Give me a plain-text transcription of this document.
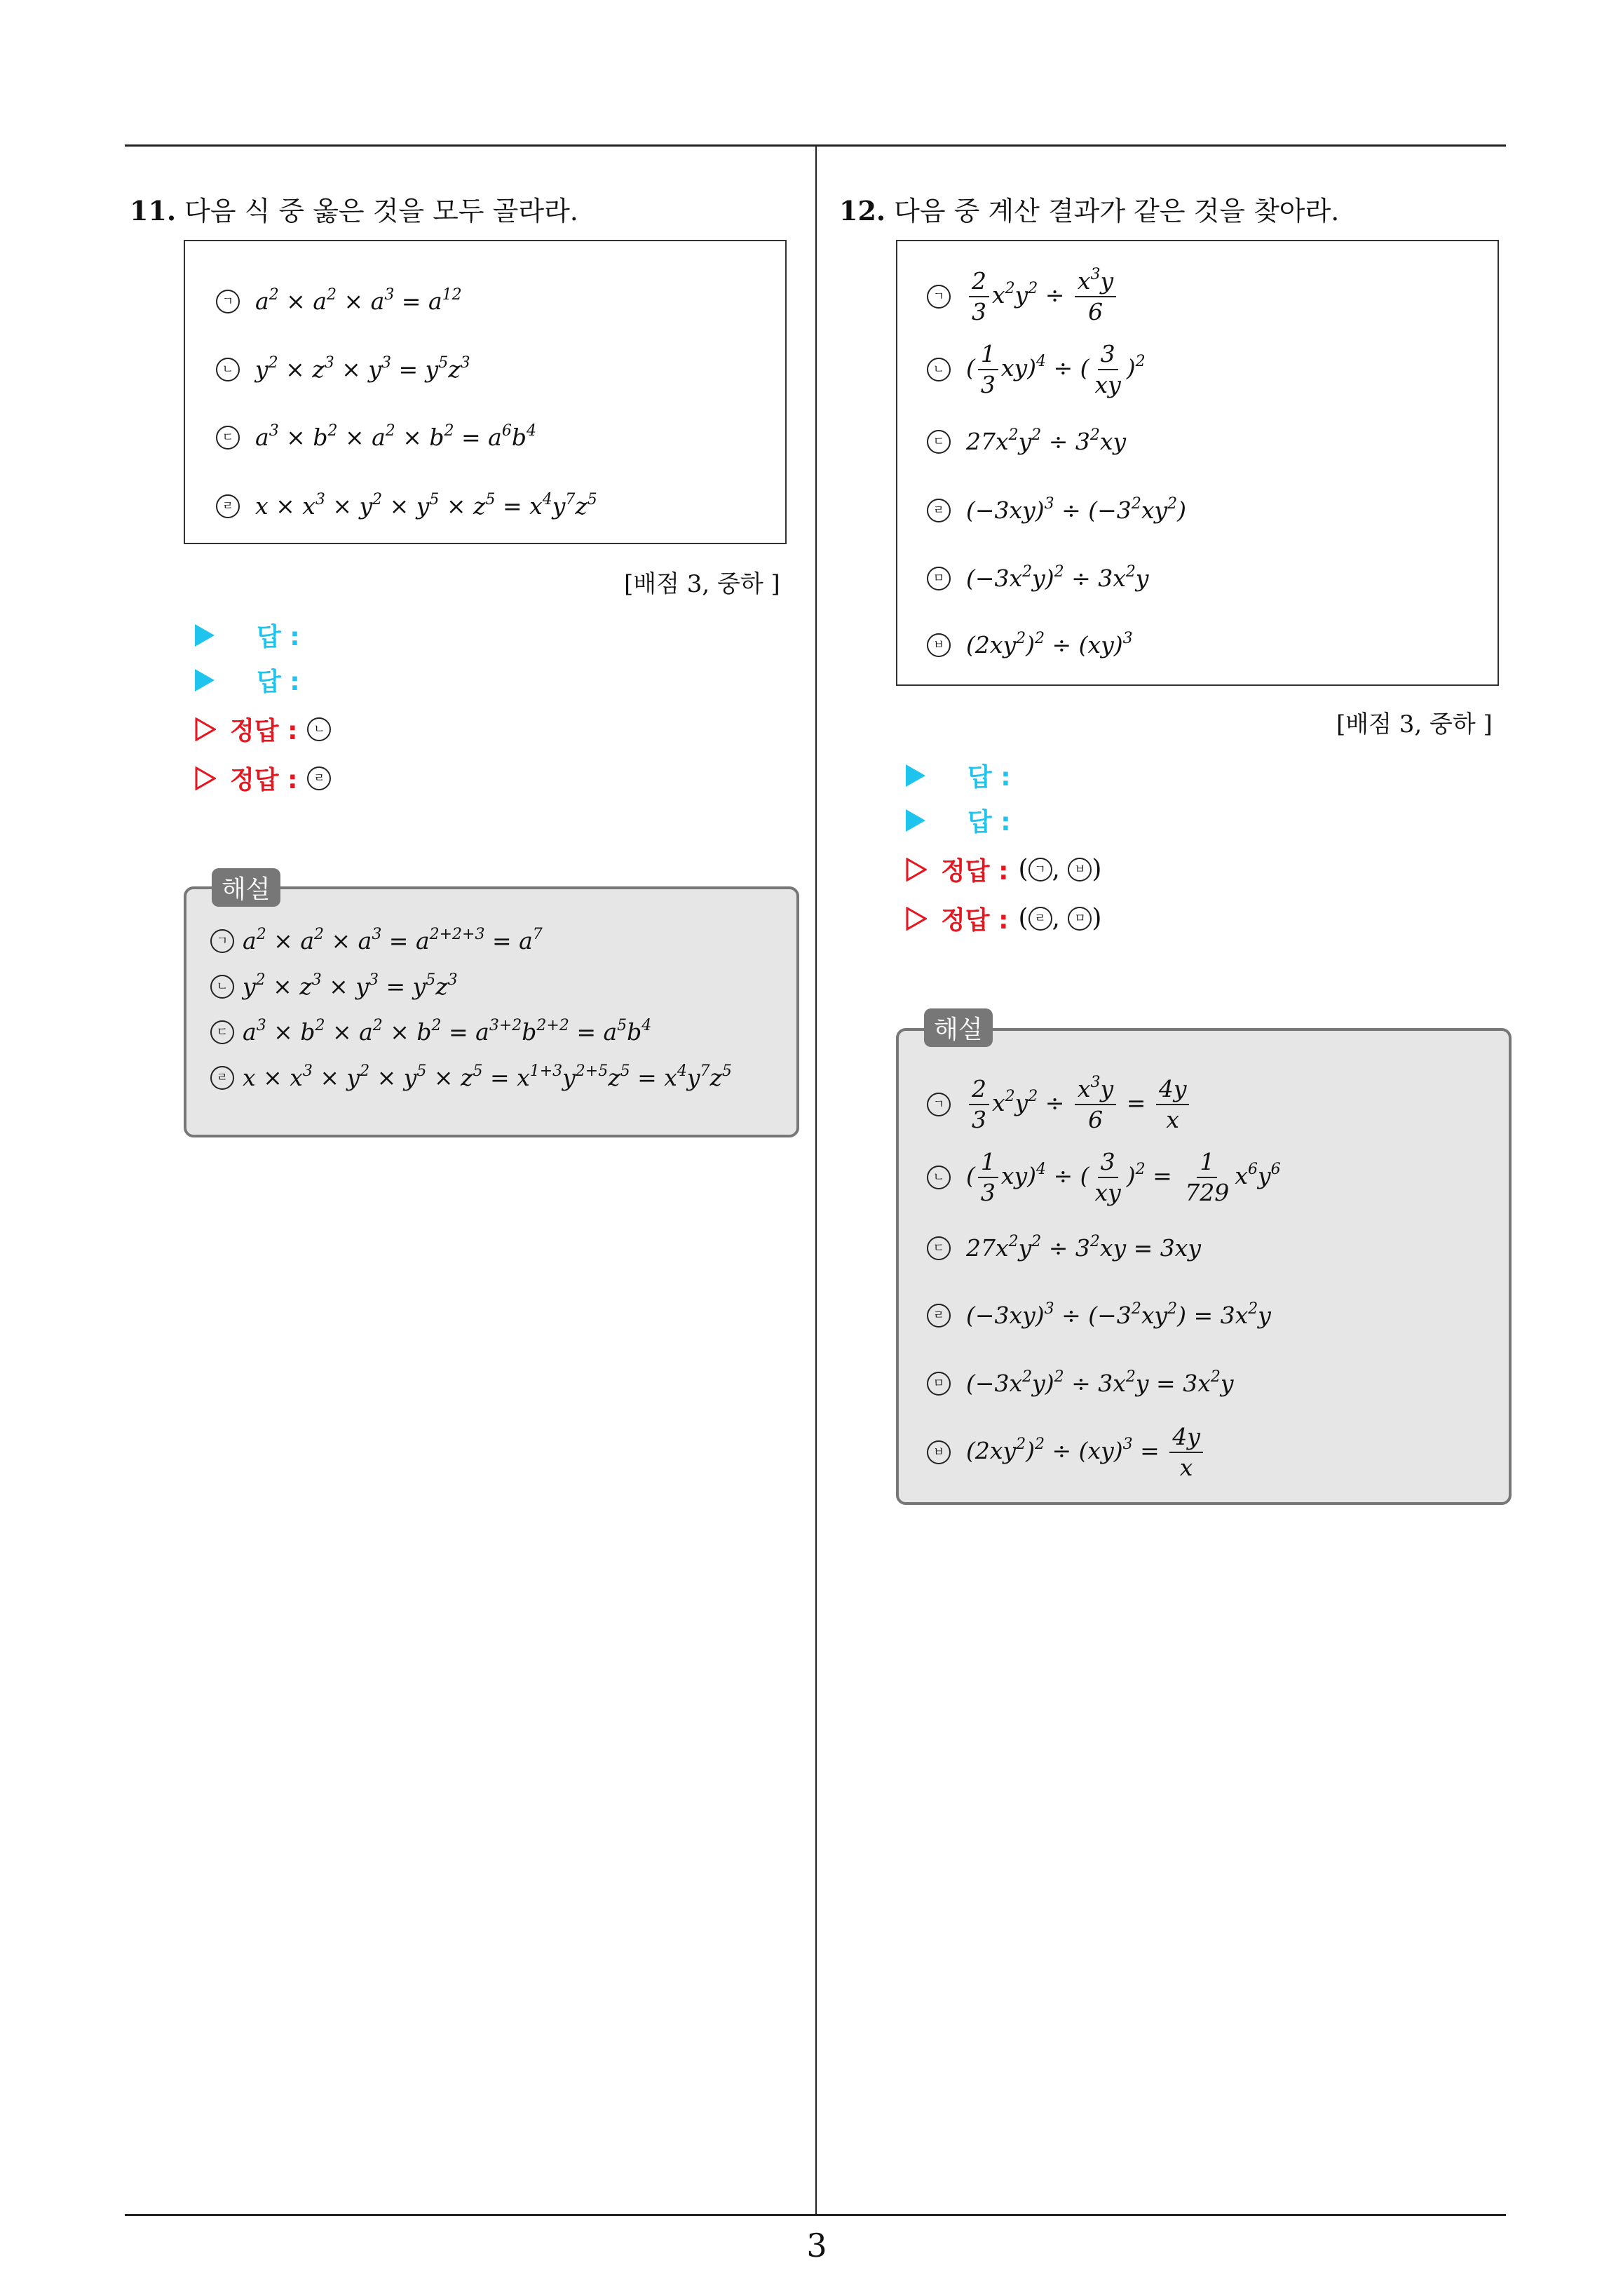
3
11. 다음 식 중 옳은 것을 모두 골라라.
ㄱ $a^2 \times a^2 \times a^3 = a^{12}$
ㄴ $y^2 \times z^3 \times y^3 = y^5z^3$
ㄷ $a^3 \times b^2 \times a^2 \times b^2 = a^6b^4$
ㄹ $x \times x^3 \times y^2 \times y^5 \times z^5 = x^4y^7z^5$
[배점 3, 중하 ]
답 :
답 :
정답 :	ㄴ
정답 :	ㄹ
해설
ㄱ $a^2 \times a^2 \times a^3 = a^{2+2+3} = a^7$
ㄴ $y^2 \times z^3 \times y^3 = y^5z^3$
ㄷ $a^3 \times b^2 \times a^2 \times b^2 = a^{3+2}b^{2+2} = a^5b^4$
ㄹ $x \times x^3 \times y^2 \times y^5 \times z^5 = x^{1+3}y^{2+5}z^5 = x^4y^7z^5$
12. 다음 중 계산 결과가 같은 것을 찾아라.
ㄱ $\frac{2}{3} x^2y^2 \div \frac{x^3y}{6}$
ㄴ ( $\frac{1}{3} xy)^4$ ÷ ( $\frac{3}{xy} )^2$
ㄷ $27x^2y^2 \div 3^2xy$
ㄹ $(-3xy)^3 \div (-3^2xy^2)$
ㅁ $(-3x^2y)^2 \div 3x^2y$
ㅂ $(2xy^2)^2 \div (xy)^3$
[배점 3, 중하 ]
답 :
답 :
정답 : ( ㄱ , ㅂ )
정답 : ( ㄹ , ㅁ )
해설
ㄱ $\frac{2}{3} x^2y^2 \div \frac{x^3y}{6} = \frac{4y}{x}$
ㄴ ( $\frac{1}{3} xy)^4$ ÷ ( $\frac{3}{xy} )^2 = \frac{1}{729} x^6y^6$
ㄷ $27x^2y^2 \div 3^2xy = 3xy$
ㄹ $(-3xy)^3 \div (-3^2xy^2) = 3x^2y$
ㅁ $(-3x^2y)^2 \div 3x^2y = 3x^2y$
ㅂ $(2xy^2)^2 \div (xy)^3 = \frac{4y}{x}$
